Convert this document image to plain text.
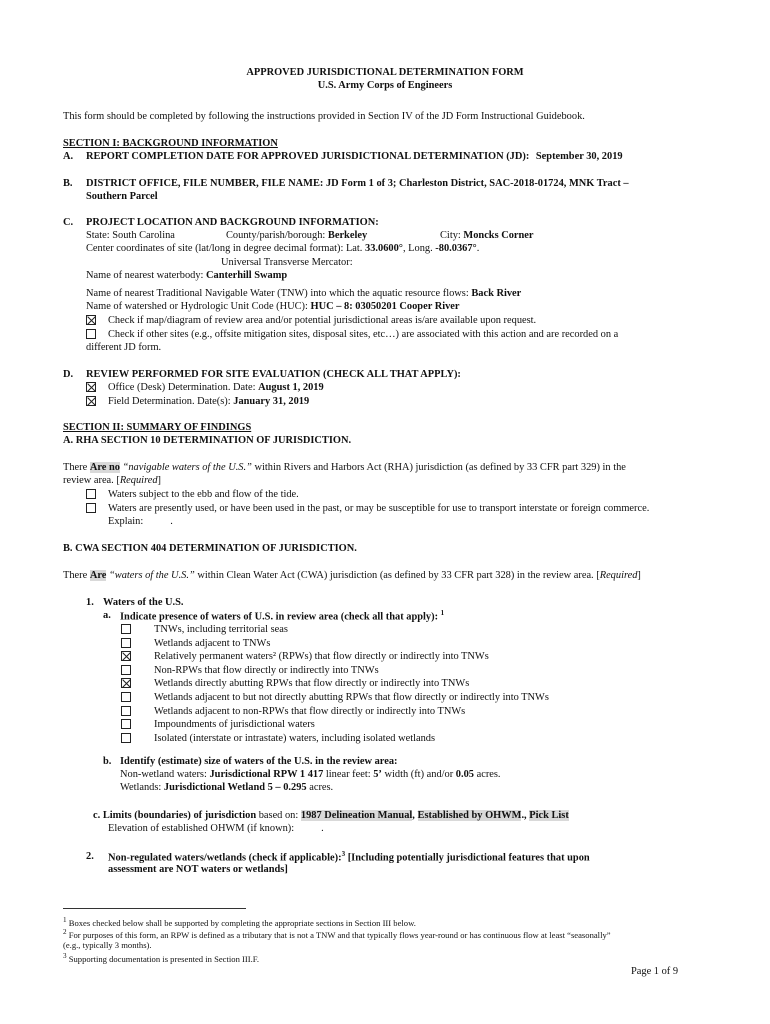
APPROVED JURISDICTIONAL DETERMINATION FORM
U.S. Army Corps of Engineers
This form should be completed by following the instructions provided in Section IV of the JD Form Instructional Guidebook.
SECTION I: BACKGROUND INFORMATION
A. REPORT COMPLETION DATE FOR APPROVED JURISDICTIONAL DETERMINATION (JD): September 30, 2019
B. DISTRICT OFFICE, FILE NUMBER, FILE NAME: JD Form 1 of 3; Charleston District, SAC-2018-01724, MNK Tract –
Southern Parcel
C. PROJECT LOCATION AND BACKGROUND INFORMATION:
State: South Carolina	County/parish/borough: Berkeley	City: Moncks Corner
Center coordinates of site (lat/long in degree decimal format): Lat. 33.0600°, Long. -80.0367°.
Universal Transverse Mercator:
Name of nearest waterbody: Canterhill Swamp
Name of nearest Traditional Navigable Water (TNW) into which the aquatic resource flows: Back River
Name of watershed or Hydrologic Unit Code (HUC): HUC – 8: 03050201 Cooper River
Check if map/diagram of review area and/or potential jurisdictional areas is/are available upon request.
Check if other sites (e.g., offsite mitigation sites, disposal sites, etc…) are associated with this action and are recorded on a
different JD form.
D. REVIEW PERFORMED FOR SITE EVALUATION (CHECK ALL THAT APPLY):
Office (Desk) Determination. Date: August 1, 2019
Field Determination. Date(s): January 31, 2019
SECTION II: SUMMARY OF FINDINGS
A. RHA SECTION 10 DETERMINATION OF JURISDICTION.
There Are no “navigable waters of the U.S.” within Rivers and Harbors Act (RHA) jurisdiction (as defined by 33 CFR part 329) in the
review area. [Required]
Waters subject to the ebb and flow of the tide.
Waters are presently used, or have been used in the past, or may be susceptible for use to transport interstate or foreign commerce.
Explain:	.
B. CWA SECTION 404 DETERMINATION OF JURISDICTION.
There Are “waters of the U.S.” within Clean Water Act (CWA) jurisdiction (as defined by 33 CFR part 328) in the review area. [Required]
1. Waters of the U.S.
a. Indicate presence of waters of U.S. in review area (check all that apply): $^1$
TNWs, including territorial seas
Wetlands adjacent to TNWs
Relatively permanent waters² (RPWs) that flow directly or indirectly into TNWs
Non-RPWs that flow directly or indirectly into TNWs
Wetlands directly abutting RPWs that flow directly or indirectly into TNWs
Wetlands adjacent to but not directly abutting RPWs that flow directly or indirectly into TNWs
Wetlands adjacent to non-RPWs that flow directly or indirectly into TNWs
Impoundments of jurisdictional waters
Isolated (interstate or intrastate) waters, including isolated wetlands
b. Identify (estimate) size of waters of the U.S. in the review area:
Non-wetland waters: Jurisdictional RPW 1 417 linear feet: 5’ width (ft) and/or 0.05 acres.
Wetlands: Jurisdictional Wetland 5 – 0.295 acres.
c. Limits (boundaries) of jurisdiction based on: 1987 Delineation Manual, Established by OHWM., Pick List
Elevation of established OHWM (if known):	.
2. Non-regulated waters/wetlands (check if applicable):$^3$ [Including potentially jurisdictional features that upon
assessment are NOT waters or wetlands]
$^1$ Boxes checked below shall be supported by completing the appropriate sections in Section III below.
$^2$ For purposes of this form, an RPW is defined as a tributary that is not a TNW and that typically flows year-round or has continuous flow at least “seasonally”
(e.g., typically 3 months).
$^3$ Supporting documentation is presented in Section III.F.
Page 1 of 9
